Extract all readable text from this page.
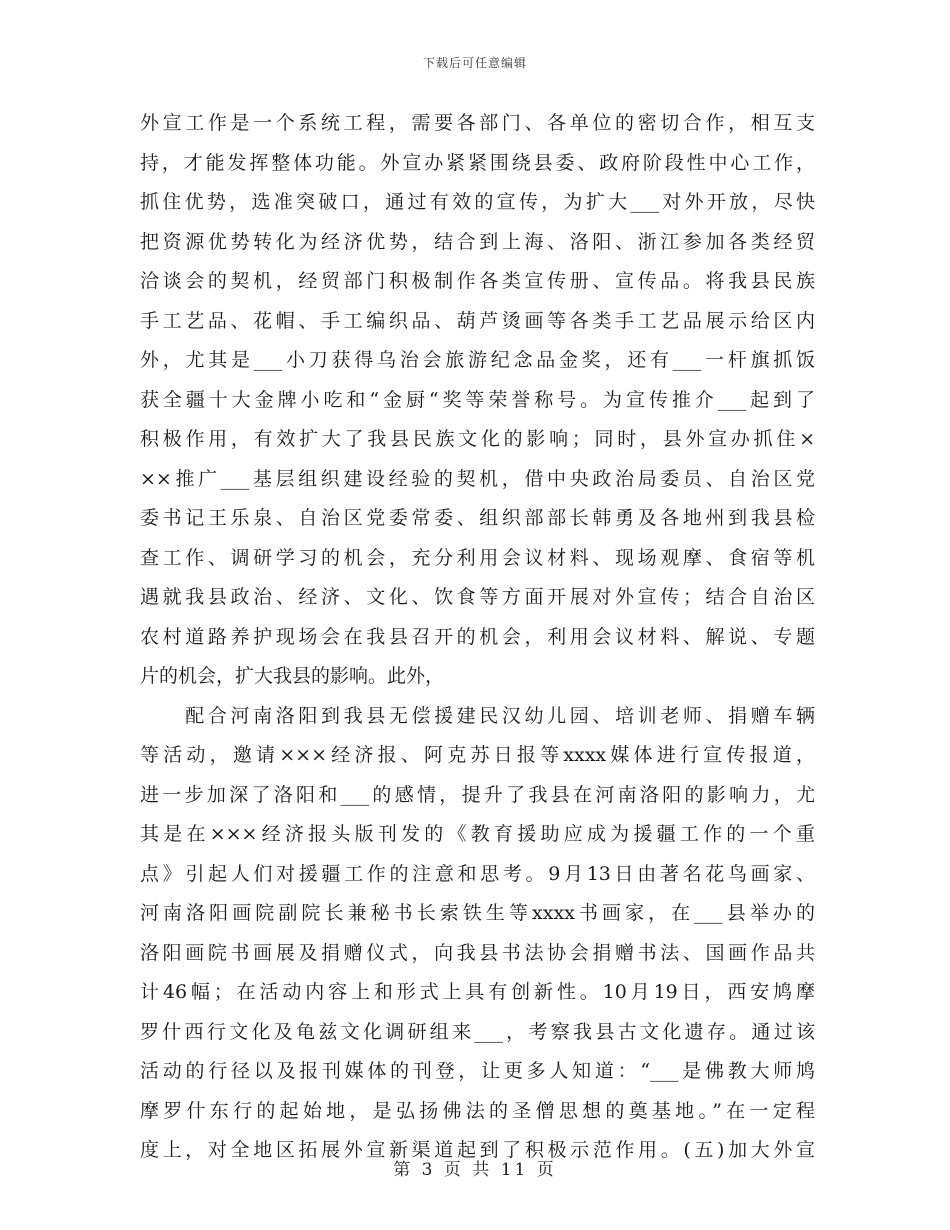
下载后可任意编辑
外宣工作是一个系统工程，需要各部门、各单位的密切合作，相互支
持，才能发挥整体功能。外宣办紧紧围绕县委、政府阶段性中心工作，
抓住优势，选准突破口，通过有效的宣传，为扩大___对外开放，尽快
把资源优势转化为经济优势，结合到上海、洛阳、浙江参加各类经贸
洽谈会的契机，经贸部门积极制作各类宣传册、宣传品。将我县民族
手工艺品、花帽、手工编织品、葫芦烫画等各类手工艺品展示给区内
外，尤其是___小刀获得乌治会旅游纪念品金奖，还有___一杆旗抓饭
获全疆十大金牌小吃和“金厨“奖等荣誉称号。为宣传推介___起到了
积极作用，有效扩大了我县民族文化的影响；同时，县外宣办抓住×
××推广___基层组织建设经验的契机，借中央政治局委员、自治区党
委书记王乐泉、自治区党委常委、组织部部长韩勇及各地州到我县检
查工作、调研学习的机会，充分利用会议材料、现场观摩、食宿等机
遇就我县政治、经济、文化、饮食等方面开展对外宣传；结合自治区
农村道路养护现场会在我县召开的机会，利用会议材料、解说、专题
片的机会，扩大我县的影响。此外，
　　配合河南洛阳到我县无偿援建民汉幼儿园、培训老师、捐赠车辆
等活动，邀请×××经济报、阿克苏日报等xxxx媒体进行宣传报道，
进一步加深了洛阳和___的感情，提升了我县在河南洛阳的影响力，尤
其是在×××经济报头版刊发的《教育援助应成为援疆工作的一个重
点》引起人们对援疆工作的注意和思考。9月13日由著名花鸟画家、
河南洛阳画院副院长兼秘书长索铁生等xxxx书画家，在___县举办的
洛阳画院书画展及捐赠仪式，向我县书法协会捐赠书法、国画作品共
计46幅；在活动内容上和形式上具有创新性。10月19日，西安鸠摩
罗什西行文化及龟兹文化调研组来___，考察我县古文化遗存。通过该
活动的行径以及报刊媒体的刊登，让更多人知道：“___是佛教大师鸠
摩罗什东行的起始地，是弘扬佛法的圣僧思想的奠基地。”在一定程
度上，对全地区拓展外宣新渠道起到了积极示范作用。(五)加大外宣
第 3 页 共 11 页
